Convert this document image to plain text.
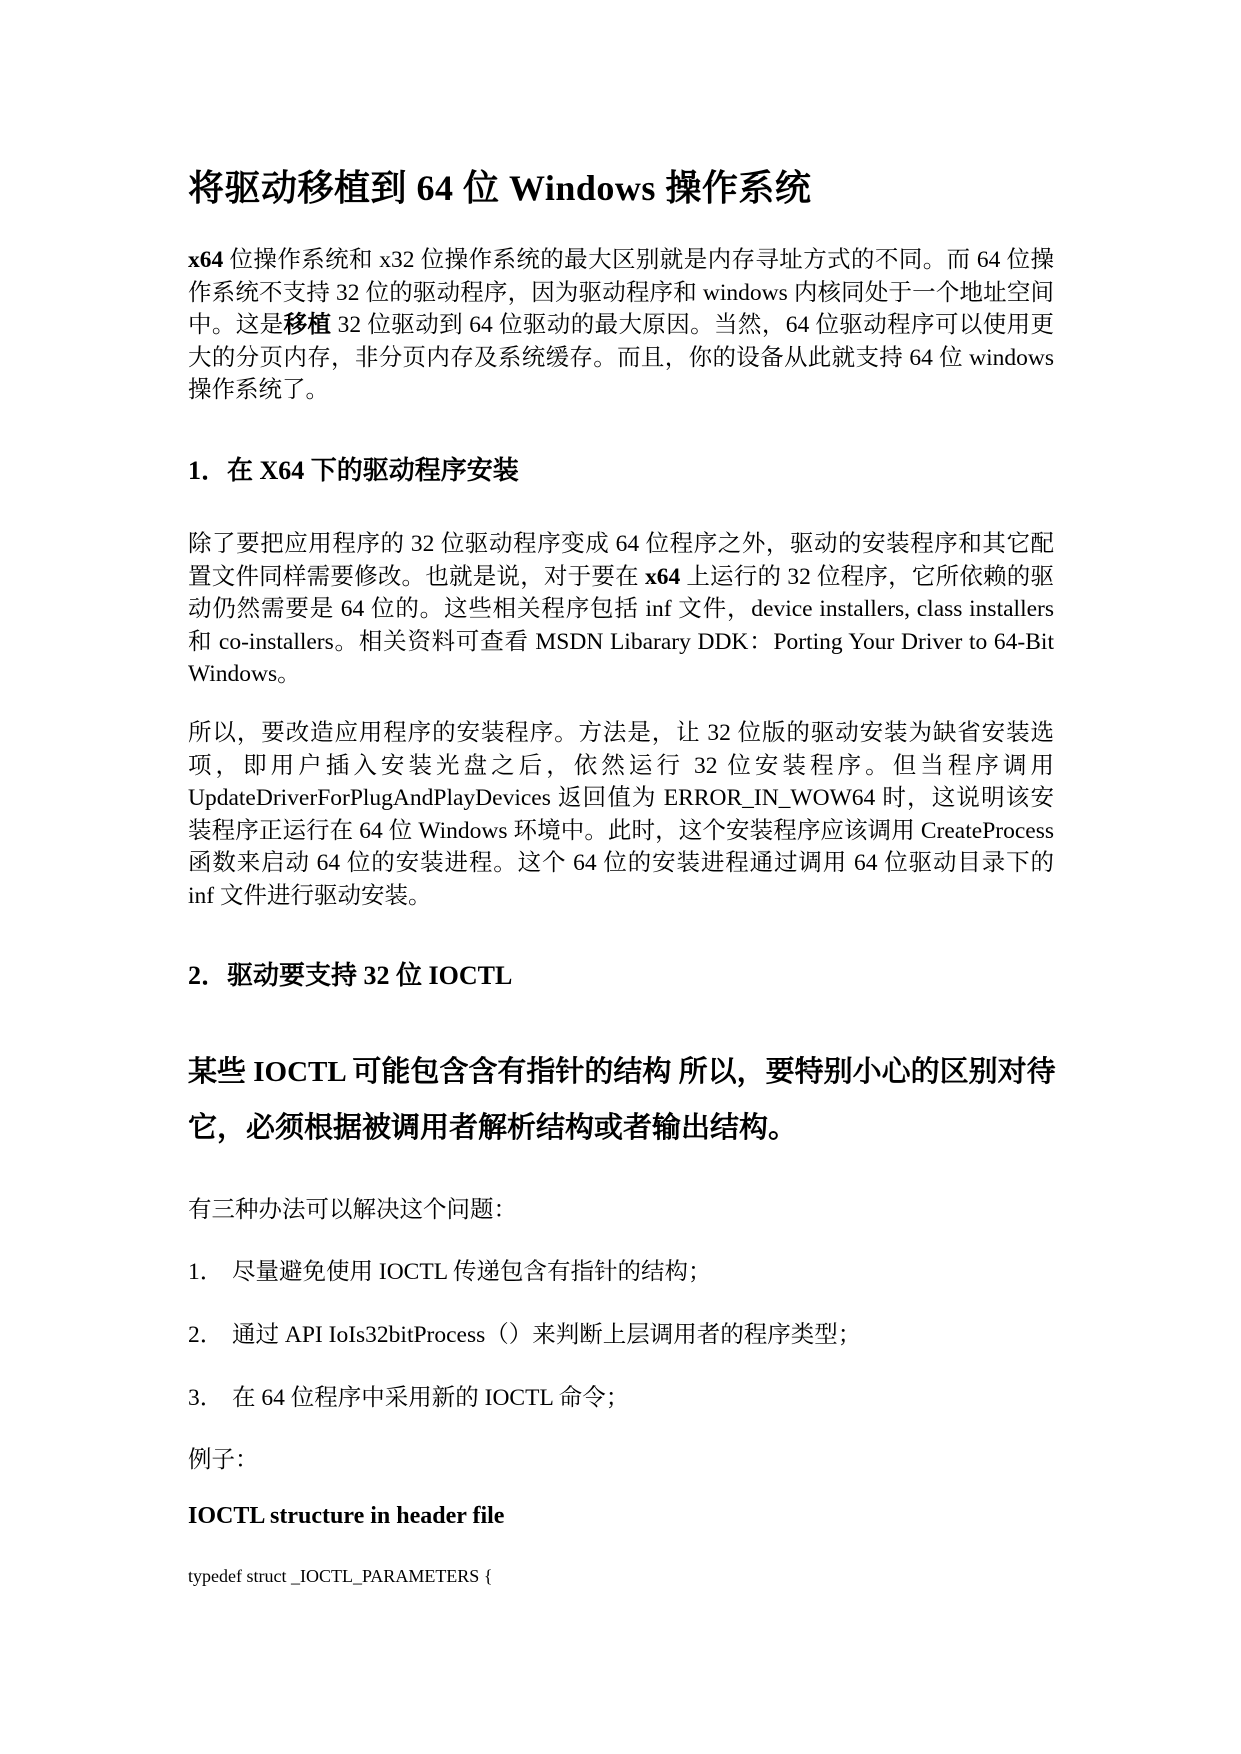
将驱动移植到 64 位 Windows 操作系统

x64 位操作系统和 x32 位操作系统的最大区别就是内存寻址方式的不同。而 64 位操作系统不支持 32 位的驱动程序，因为驱动程序和 windows 内核同处于一个地址空间中。这是移植 32 位驱动到 64 位驱动的最大原因。当然，64 位驱动程序可以使用更大的分页内存，非分页内存及系统缓存。而且，你的设备从此就支持 64 位 windows 操作系统了。

1．在 X64 下的驱动程序安装

除了要把应用程序的 32 位驱动程序变成 64 位程序之外，驱动的安装程序和其它配置文件同样需要修改。也就是说，对于要在 x64 上运行的 32 位程序，它所依赖的驱动仍然需要是 64 位的。这些相关程序包括 inf 文件，device installers, class installers 和 co-installers。相关资料可查看 MSDN Libarary DDK：Porting Your Driver to 64-Bit Windows。

所以，要改造应用程序的安装程序。方法是，让 32 位版的驱动安装为缺省安装选项，即用户插入安装光盘之后，依然运行 32 位安装程序。但当程序调用 UpdateDriverForPlugAndPlayDevices 返回值为 ERROR_IN_WOW64 时，这说明该安装程序正运行在 64 位 Windows 环境中。此时，这个安装程序应该调用 CreateProcess 函数来启动 64 位的安装进程。这个 64 位的安装进程通过调用 64 位驱动目录下的 inf 文件进行驱动安装。

2．驱动要支持 32 位 IOCTL

某些 IOCTL 可能包含含有指针的结构 所以，要特别小心的区别对待它，必须根据被调用者解析结构或者输出结构。

有三种办法可以解决这个问题：

1． 尽量避免使用 IOCTL 传递包含有指针的结构；

2． 通过 API IoIs32bitProcess（）来判断上层调用者的程序类型；

3． 在 64 位程序中采用新的 IOCTL 命令；

例子：

IOCTL structure in header file

typedef struct _IOCTL_PARAMETERS {
